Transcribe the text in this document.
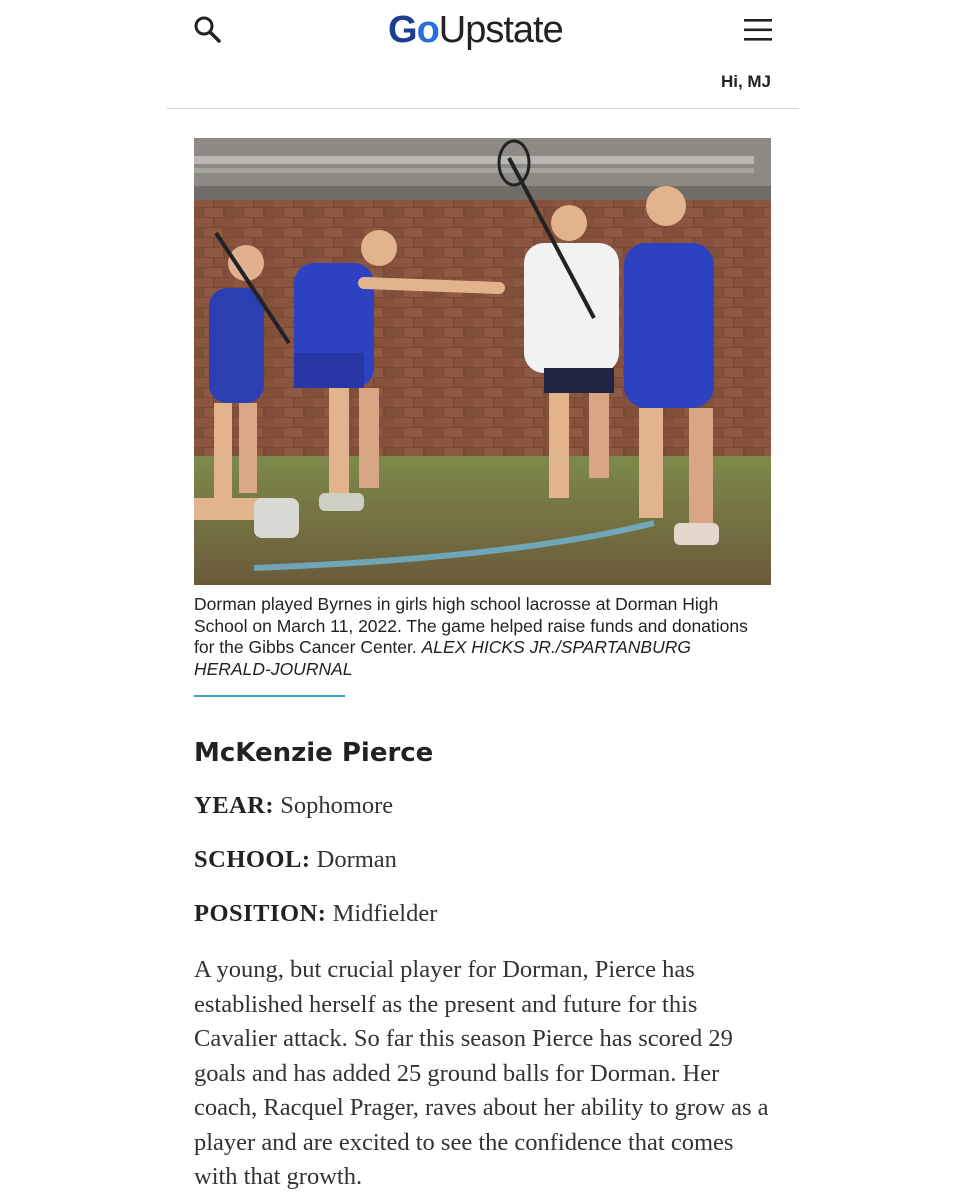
GoUpstate
Hi, MJ
Dorman played Byrnes in girls high school lacrosse at Dorman High School on March 11, 2022. The game helped raise funds and donations for the Gibbs Cancer Center. ALEX HICKS JR./SPARTANBURG HERALD-JOURNAL
McKenzie Pierce
YEAR: Sophomore
SCHOOL: Dorman
POSITION: Midfielder
A young, but crucial player for Dorman, Pierce has established herself as the present and future for this Cavalier attack. So far this season Pierce has scored 29 goals and has added 25 ground balls for Dorman. Her coach, Racquel Prager, raves about her ability to grow as a player and are excited to see the confidence that comes with that growth.
